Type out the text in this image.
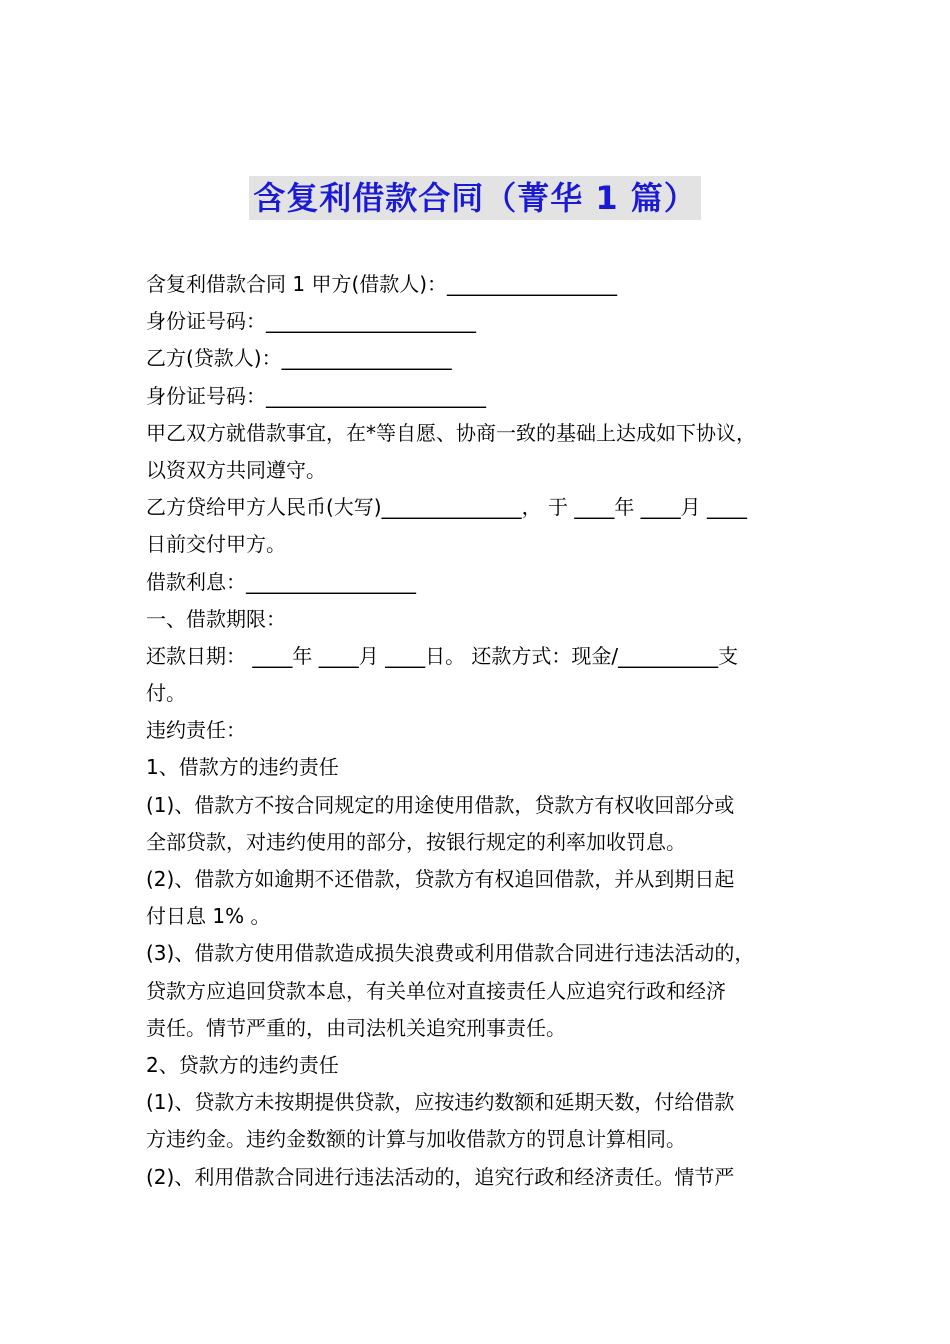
含复利借款合同（菁华 1 篇）
含复利借款合同 1 甲方(借款人)：_________________
身份证号码：_____________________
乙方(贷款人)：_________________
身份证号码：______________________
甲乙双方就借款事宜，在*等自愿、协商一致的基础上达成如下协议，
以资双方共同遵守。
乙方贷给甲方人民币(大写)______________， 于 ____年 ____月 ____
日前交付甲方。
借款利息：_________________
一、借款期限：
还款日期： ____年 ____月 ____日。 还款方式：现金/__________支
付。
违约责任：
1、借款方的违约责任
(1)、借款方不按合同规定的用途使用借款，贷款方有权收回部分或
全部贷款，对违约使用的部分，按银行规定的利率加收罚息。
(2)、借款方如逾期不还借款，贷款方有权追回借款，并从到期日起
付日息 1% 。
(3)、借款方使用借款造成损失浪费或利用借款合同进行违法活动的，
贷款方应追回贷款本息，有关单位对直接责任人应追究行政和经济
责任。情节严重的，由司法机关追究刑事责任。
2、贷款方的违约责任
(1)、贷款方未按期提供贷款，应按违约数额和延期天数，付给借款
方违约金。违约金数额的计算与加收借款方的罚息计算相同。
(2)、利用借款合同进行违法活动的，追究行政和经济责任。情节严
